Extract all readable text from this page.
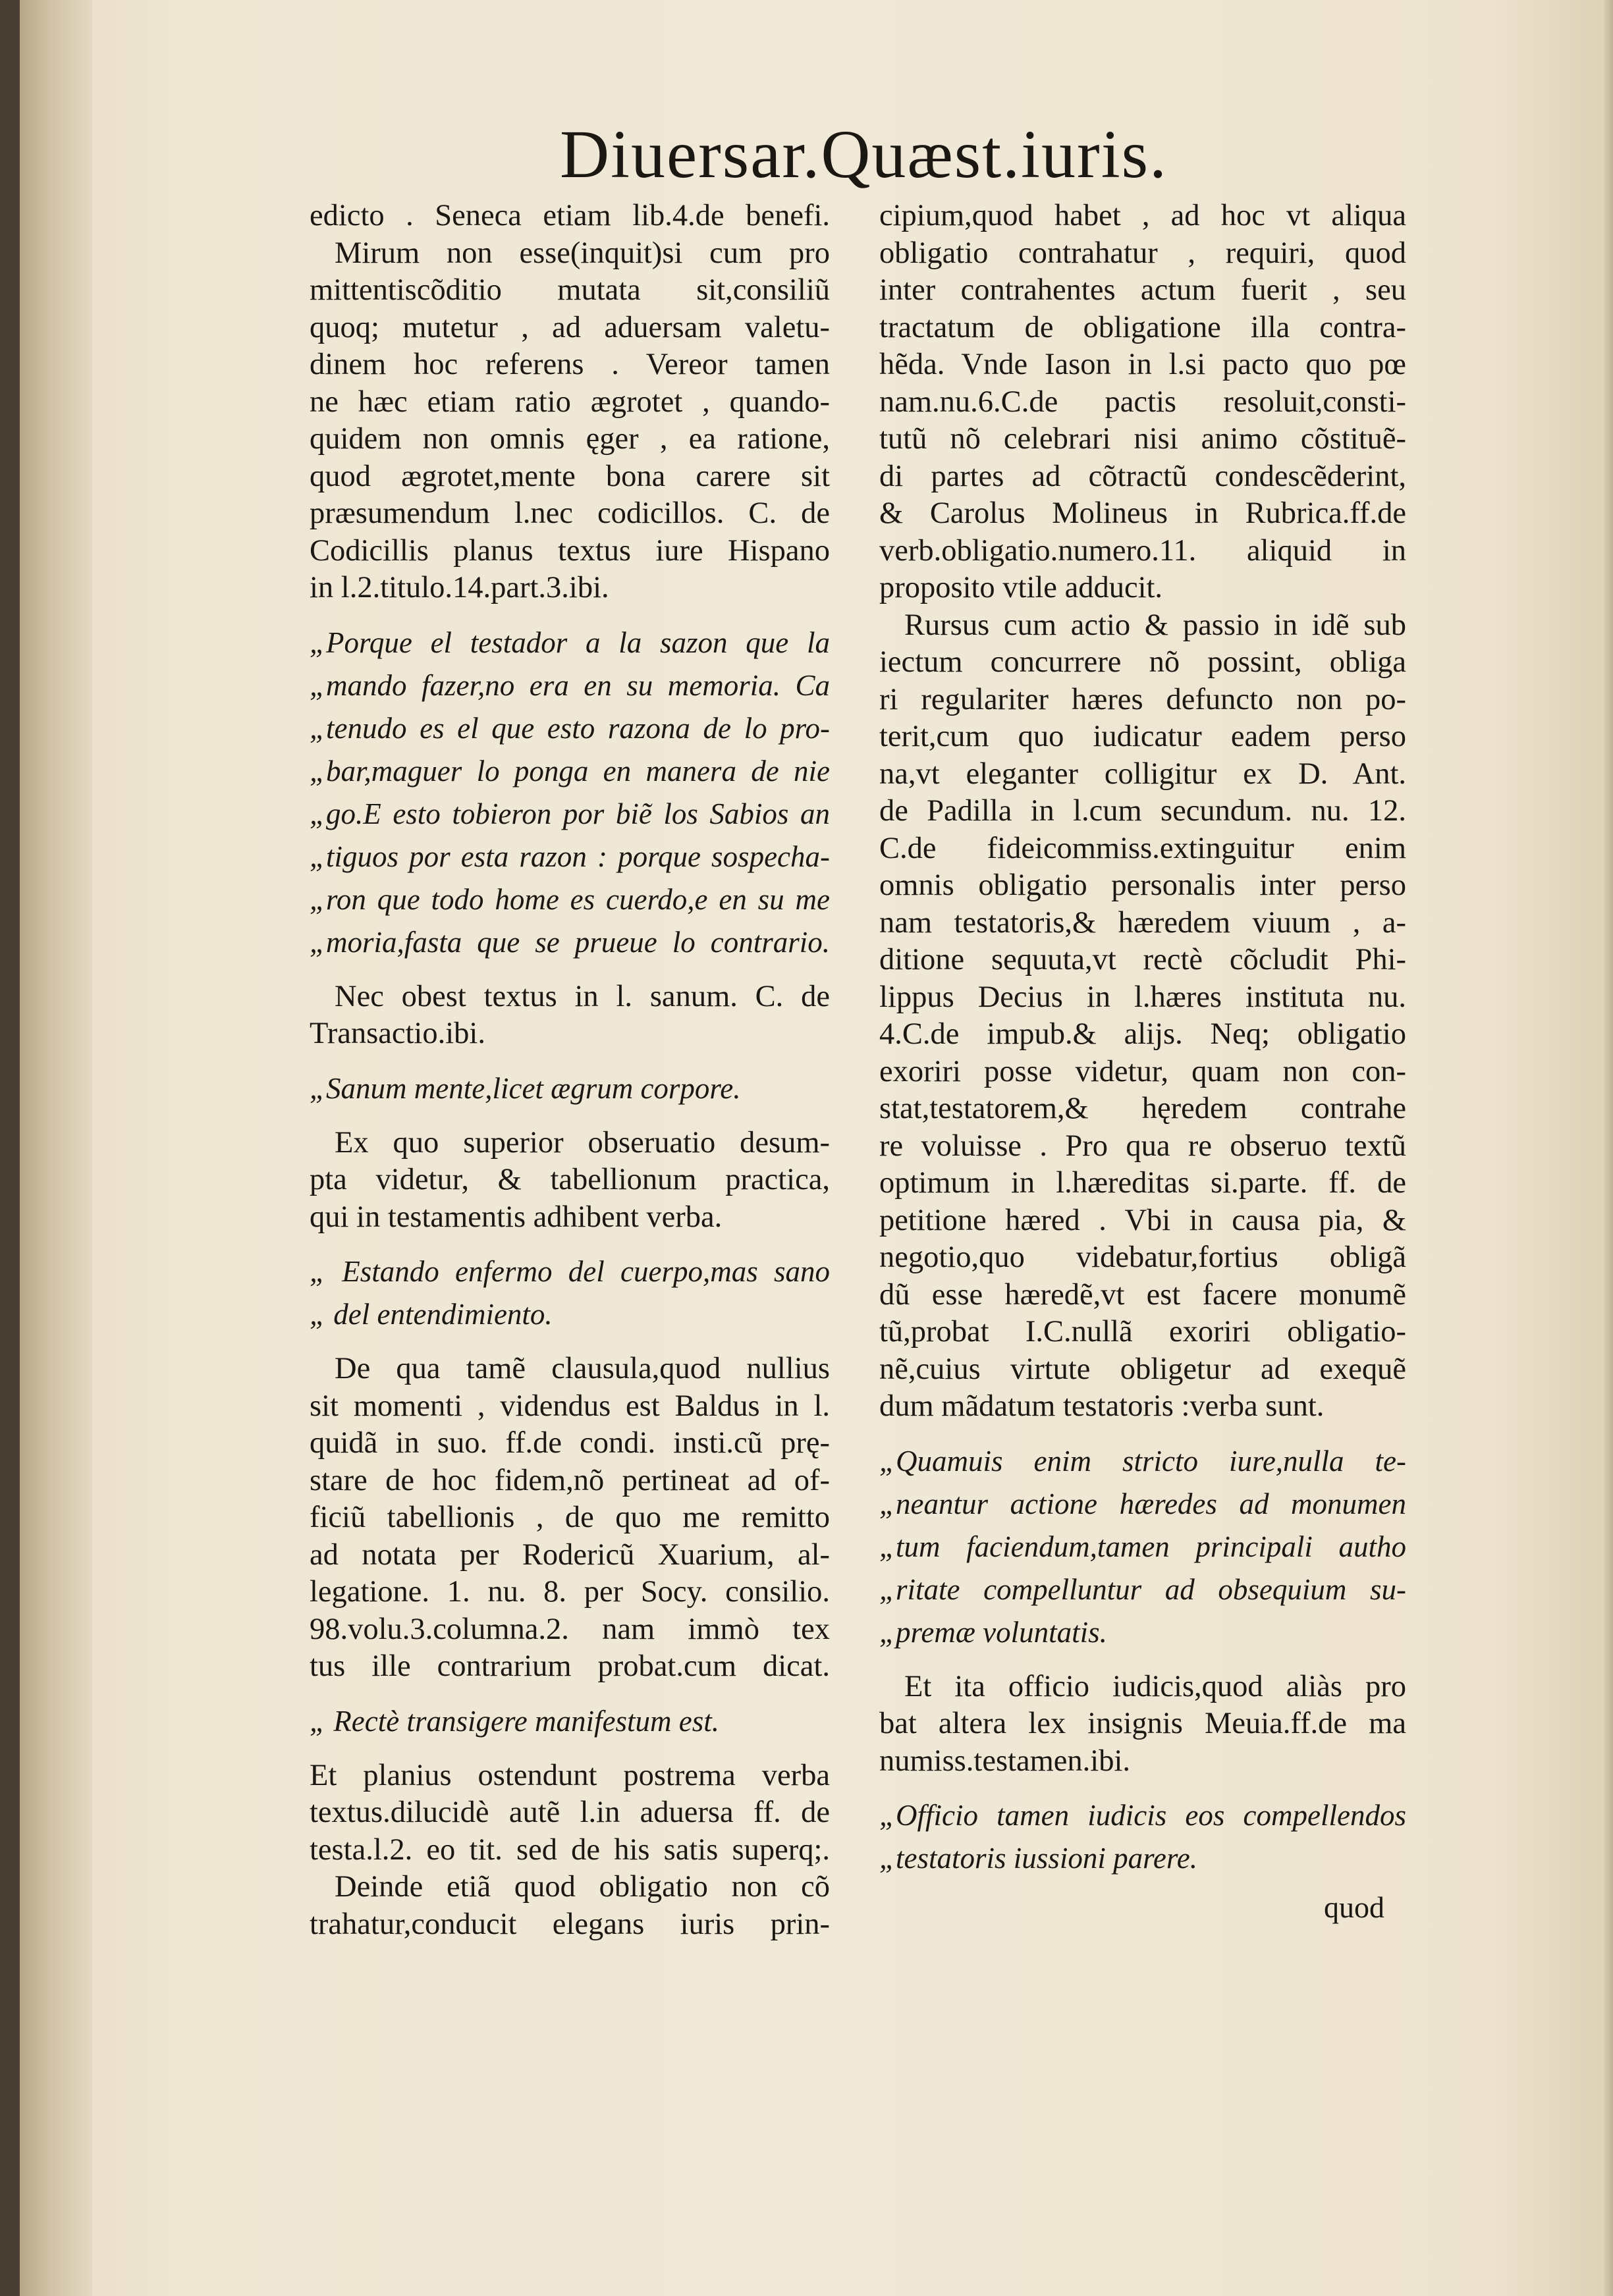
Diuersar.Quæst.iuris.
edicto . Seneca etiam lib.4.de benefi.
Mirum non esse(inquit)si cum pro
mittentiscõditio mutata sit,consiliũ
quoq; mutetur , ad aduersam valetu-
dinem hoc referens . Vereor tamen
ne hæc etiam ratio ægrotet , quando-
quidem non omnis ęger , ea ratione,
quod ægrotet,mente bona carere sit
præsumendum l.nec codicillos. C. de
Codicillis planus textus iure Hispano
in l.2.titulo.14.part.3.ibi.
„Porque el testador a la sazon que la
„mando fazer,no era en su memoria. Ca
„tenudo es el que esto razona de lo pro-
„bar,maguer lo ponga en manera de nie
„go.E esto tobieron por biẽ los Sabios an
„tiguos por esta razon : porque sospecha-
„ron que todo home es cuerdo,e en su me
„moria,fasta que se prueue lo contrario.
Nec obest textus in l. sanum. C. de
Transactio.ibi.
„Sanum mente,licet ægrum corpore.
Ex quo superior obseruatio desum-
pta videtur, & tabellionum practica,
qui in testamentis adhibent verba.
„ Estando enfermo del cuerpo,mas sano
„ del entendimiento.
De qua tamẽ clausula,quod nullius
sit momenti , videndus est Baldus in l.
quidã in suo. ff.de condi. insti.cũ prę-
stare de hoc fidem,nõ pertineat ad of-
ficiũ tabellionis , de quo me remitto
ad notata per Rodericũ Xuarium, al-
legatione. 1. nu. 8. per Socy. consilio.
98.volu.3.columna.2. nam immò tex
tus ille contrarium probat.cum dicat.
„ Rectè transigere manifestum est.
Et planius ostendunt postrema verba
textus.dilucidè autẽ l.in aduersa ff. de
testa.l.2. eo tit. sed de his satis superq;.
Deinde etiã quod obligatio non cõ
trahatur,conducit elegans iuris prin-
cipium,quod habet , ad hoc vt aliqua
obligatio contrahatur , requiri, quod
inter contrahentes actum fuerit , seu
tractatum de obligatione illa contra-
hẽda. Vnde Iason in l.si pacto quo pœ
nam.nu.6.C.de pactis resoluit,consti-
tutũ nõ celebrari nisi animo cõstituẽ-
di partes ad cõtractũ condescẽderint,
& Carolus Molineus in Rubrica.ff.de
verb.obligatio.numero.11. aliquid in
proposito vtile adducit.
Rursus cum actio & passio in idẽ sub
iectum concurrere nõ possint, obliga
ri regulariter hæres defuncto non po-
terit,cum quo iudicatur eadem perso
na,vt eleganter colligitur ex D. Ant.
de Padilla in l.cum secundum. nu. 12.
C.de fideicommiss.extinguitur enim
omnis obligatio personalis inter perso
nam testatoris,& hæredem viuum , a-
ditione sequuta,vt rectè cõcludit Phi-
lippus Decius in l.hæres instituta nu.
4.C.de impub.& alijs. Neq; obligatio
exoriri posse videtur, quam non con-
stat,testatorem,& hęredem contrahe
re voluisse . Pro qua re obseruo textũ
optimum in l.hæreditas si.parte. ff. de
petitione hæred . Vbi in causa pia, &
negotio,quo videbatur,fortius obligã
dũ esse hæredẽ,vt est facere monumẽ
tũ,probat I.C.nullã exoriri obligatio-
nẽ,cuius virtute obligetur ad exequẽ
dum mãdatum testatoris :verba sunt.
„Quamuis enim stricto iure,nulla te-
„neantur actione hæredes ad monumen
„tum faciendum,tamen principali autho
„ritate compelluntur ad obsequium su-
„premæ voluntatis.
Et ita officio iudicis,quod aliàs pro
bat altera lex insignis Meuia.ff.de ma
numiss.testamen.ibi.
„Officio tamen iudicis eos compellendos
„testatoris iussioni parere.
quod
